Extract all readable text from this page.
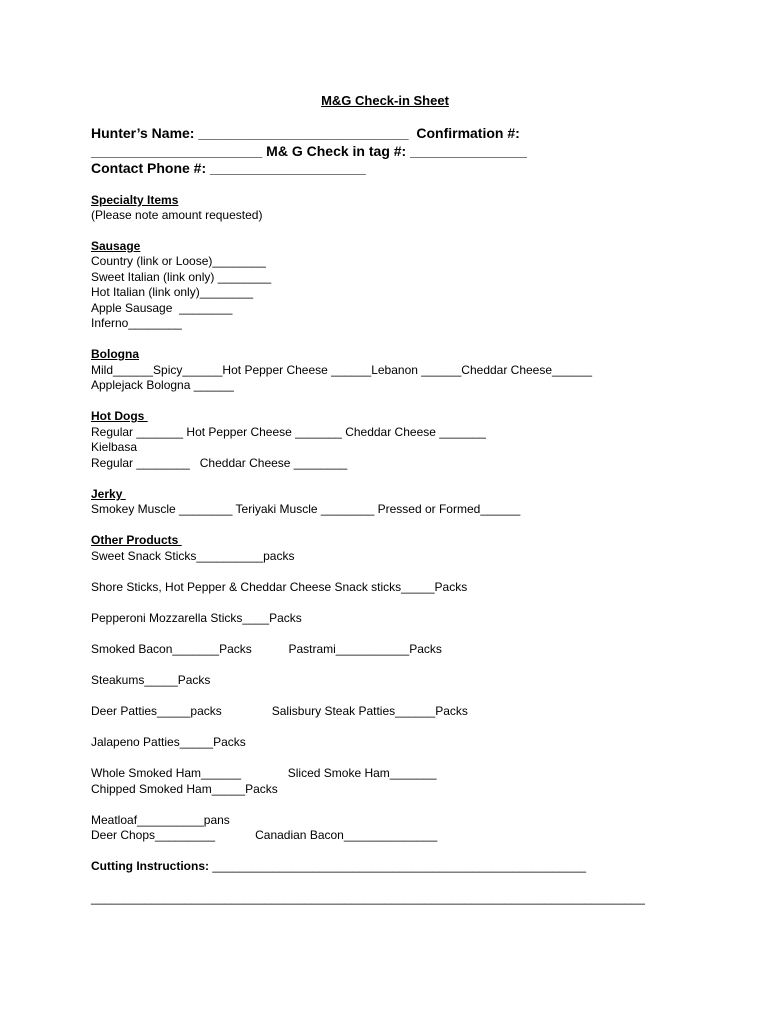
M&G Check-in Sheet
Hunter’s Name: ___________________________  Confirmation #:
______________________ M& G Check in tag #: _______________
Contact Phone #: ____________________
Specialty Items
(Please note amount requested)
Sausage
Country (link or Loose)________
Sweet Italian (link only) ________
Hot Italian (link only)________
Apple Sausage  ________
Inferno________
Bologna
Mild______Spicy______Hot Pepper Cheese ______Lebanon ______Cheddar Cheese______
Applejack Bologna ______
Hot Dogs
Regular _______ Hot Pepper Cheese _______ Cheddar Cheese _______
Kielbasa
Regular ________   Cheddar Cheese ________
Jerky
Smokey Muscle ________ Teriyaki Muscle ________ Pressed or Formed______
Other Products
Sweet Snack Sticks__________packs
Shore Sticks, Hot Pepper & Cheddar Cheese Snack sticks_____Packs
Pepperoni Mozzarella Sticks____Packs
Smoked Bacon_______Packs           Pastrami___________Packs
Steakums_____Packs
Deer Patties_____packs               Salisbury Steak Patties______Packs
Jalapeno Patties_____Packs
Whole Smoked Ham______              Sliced Smoke Ham_______
Chipped Smoked Ham_____Packs
Meatloaf__________pans
Deer Chops_________            Canadian Bacon______________
Cutting Instructions: ________________________________________________________
___________________________________________________________________________________
